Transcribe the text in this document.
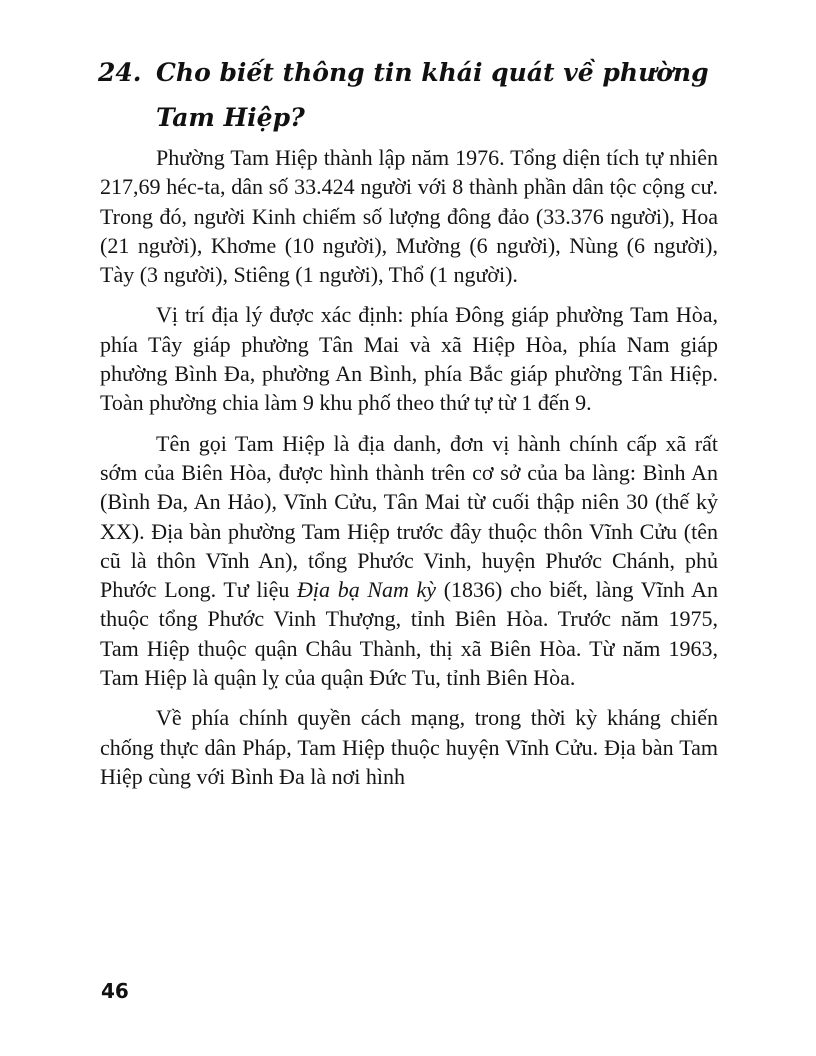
24. Cho biết thông tin khái quát về phường
Tam Hiệp?

Phường Tam Hiệp thành lập năm 1976. Tổng diện tích tự nhiên 217,69 héc-ta, dân số 33.424 người với 8 thành phần dân tộc cộng cư. Trong đó, người Kinh chiếm số lượng đông đảo (33.376 người), Hoa (21 người), Khơme (10 người), Mường (6 người), Nùng (6 người), Tày (3 người), Stiêng (1 người), Thổ (1 người).

Vị trí địa lý được xác định: phía Đông giáp phường Tam Hòa, phía Tây giáp phường Tân Mai và xã Hiệp Hòa, phía Nam giáp phường Bình Đa, phường An Bình, phía Bắc giáp phường Tân Hiệp. Toàn phường chia làm 9 khu phố theo thứ tự từ 1 đến 9.

Tên gọi Tam Hiệp là địa danh, đơn vị hành chính cấp xã rất sớm của Biên Hòa, được hình thành trên cơ sở của ba làng: Bình An (Bình Đa, An Hảo), Vĩnh Cửu, Tân Mai từ cuối thập niên 30 (thế kỷ XX). Địa bàn phường Tam Hiệp trước đây thuộc thôn Vĩnh Cửu (tên cũ là thôn Vĩnh An), tổng Phước Vinh, huyện Phước Chánh, phủ Phước Long. Tư liệu Địa bạ Nam kỳ (1836) cho biết, làng Vĩnh An thuộc tổng Phước Vinh Thượng, tỉnh Biên Hòa. Trước năm 1975, Tam Hiệp thuộc quận Châu Thành, thị xã Biên Hòa. Từ năm 1963, Tam Hiệp là quận lỵ của quận Đức Tu, tỉnh Biên Hòa.

Về phía chính quyền cách mạng, trong thời kỳ kháng chiến chống thực dân Pháp, Tam Hiệp thuộc huyện Vĩnh Cửu. Địa bàn Tam Hiệp cùng với Bình Đa là nơi hình

46
